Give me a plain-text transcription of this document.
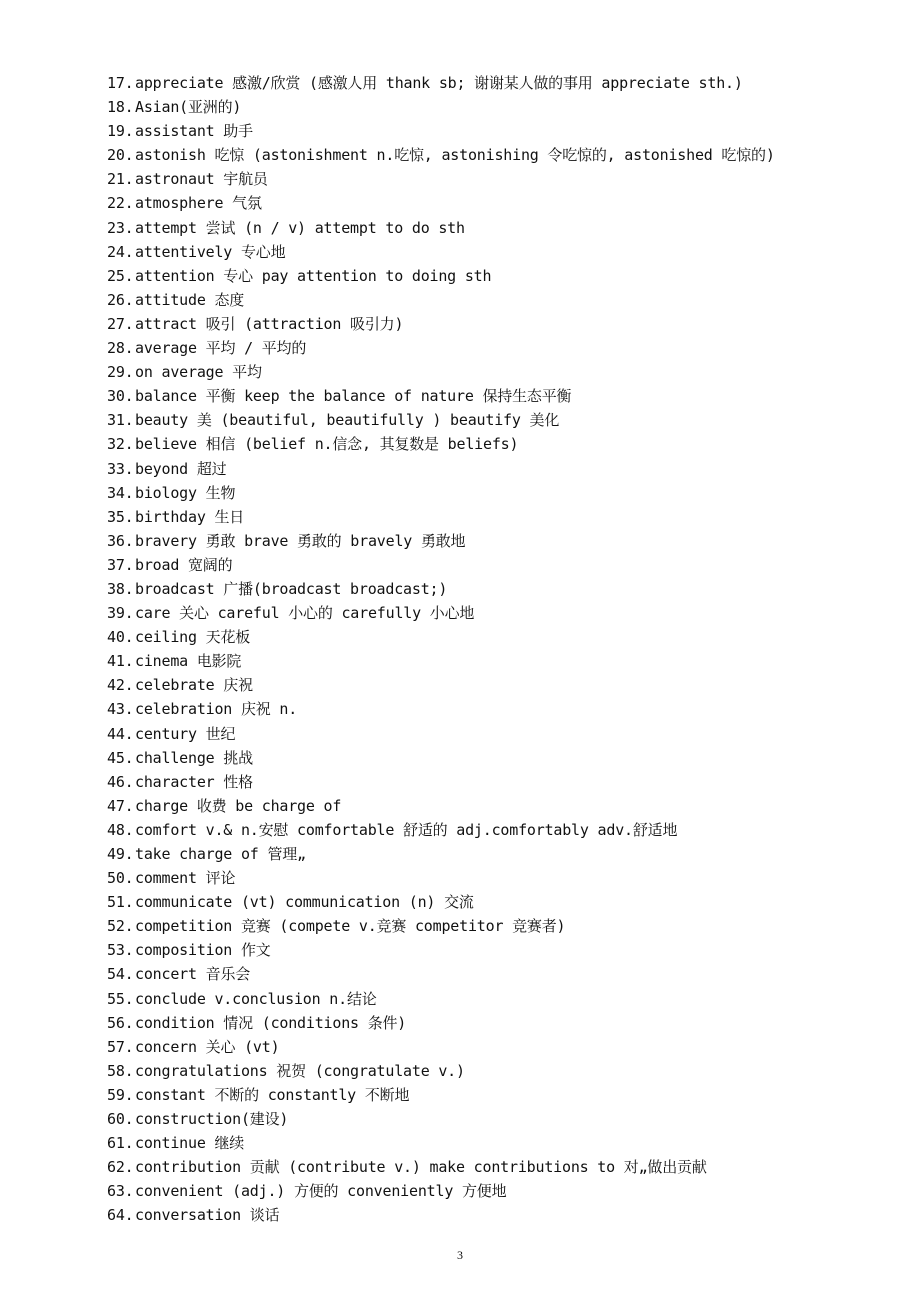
17. appreciate 感激/欣赏 (感激人用 thank sb; 谢谢某人做的事用 appreciate sth.)
18. Asian(亚洲的)
19. assistant 助手
20. astonish 吃惊 (astonishment n.吃惊, astonishing 令吃惊的, astonished 吃惊的)
21. astronaut 宇航员
22. atmosphere 气氛
23. attempt 尝试 (n / v) attempt to do sth
24. attentively 专心地
25. attention 专心 pay attention to doing sth
26. attitude 态度
27. attract 吸引 (attraction 吸引力)
28. average 平均 / 平均的
29. on average 平均
30. balance 平衡 keep the balance of nature 保持生态平衡
31. beauty 美 (beautiful, beautifully ) beautify 美化
32. believe 相信 (belief n.信念, 其复数是 beliefs)
33. beyond 超过
34. biology 生物
35. birthday 生日
36. bravery 勇敢 brave 勇敢的 bravely 勇敢地
37. broad 宽阔的
38. broadcast 广播(broadcast broadcast;)
39. care 关心 careful 小心的 carefully 小心地
40. ceiling 天花板
41. cinema 电影院
42. celebrate 庆祝
43. celebration 庆祝 n.
44. century 世纪
45. challenge 挑战
46. character 性格
47. charge 收费 be charge of
48. comfort v.& n.安慰 comfortable 舒适的 adj.comfortably adv.舒适地
49. take charge of 管理„
50. comment 评论
51. communicate (vt) communication (n) 交流
52. competition 竞赛 (compete v.竞赛 competitor 竞赛者)
53. composition 作文
54. concert 音乐会
55. conclude v.conclusion n.结论
56. condition 情况 (conditions 条件)
57. concern 关心 (vt)
58. congratulations 祝贺 (congratulate v.)
59. constant 不断的 constantly 不断地
60. construction(建设)
61. continue 继续
62. contribution 贡献 (contribute v.) make contributions to 对„做出贡献
63. convenient (adj.) 方便的 conveniently 方便地
64. conversation 谈话
3
